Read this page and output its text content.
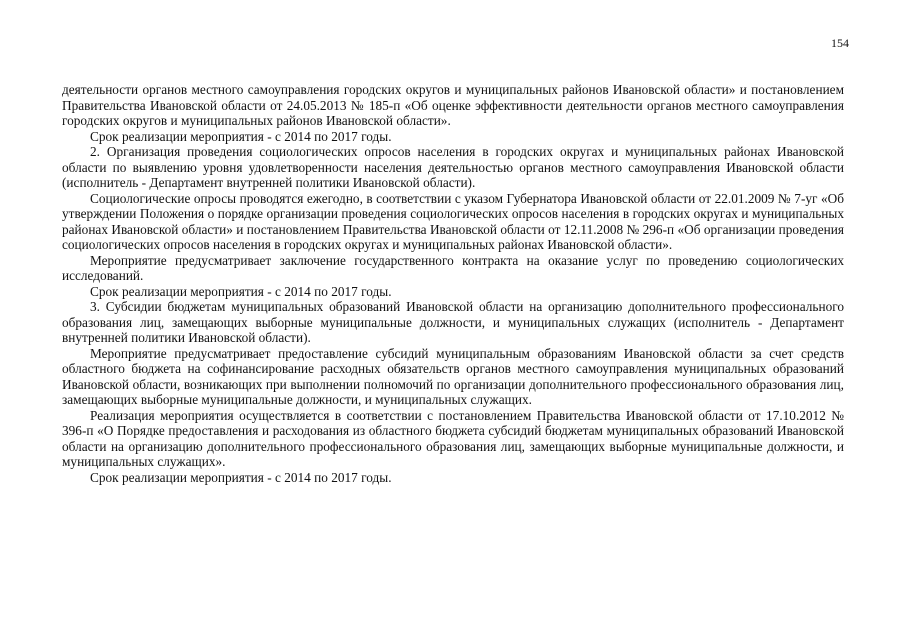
154

деятельности органов местного самоуправления городских округов и муниципальных районов Ивановской области» и постановлением Правительства Ивановской области от 24.05.2013 № 185-п «Об оценке эффективности деятельности органов местного самоуправления городских округов и муниципальных районов Ивановской области».

Срок реализации мероприятия - с 2014 по 2017 годы.

2. Организация проведения социологических опросов населения в городских округах и муниципальных районах Ивановской области по выявлению уровня удовлетворенности населения деятельностью органов местного самоуправления Ивановской области (исполнитель - Департамент внутренней политики Ивановской области).

Социологические опросы проводятся ежегодно, в соответствии с указом Губернатора Ивановской области от 22.01.2009 № 7-уг «Об утверждении Положения о порядке организации проведения социологических опросов населения в городских округах и муниципальных районах Ивановской области» и постановлением Правительства Ивановской области от 12.11.2008 № 296-п «Об организации проведения социологических опросов населения в городских округах и муниципальных районах Ивановской области».

Мероприятие предусматривает заключение государственного контракта на оказание услуг по проведению социологических исследований.

Срок реализации мероприятия - с 2014 по 2017 годы.

3. Субсидии бюджетам муниципальных образований Ивановской области на организацию дополнительного профессионального образования лиц, замещающих выборные муниципальные должности, и муниципальных служащих (исполнитель - Департамент внутренней политики Ивановской области).

Мероприятие предусматривает предоставление субсидий муниципальным образованиям Ивановской области за счет средств областного бюджета на софинансирование расходных обязательств органов местного самоуправления муниципальных образований Ивановской области, возникающих при выполнении полномочий по организации дополнительного профессионального образования лиц, замещающих выборные муниципальные должности, и муниципальных служащих.

Реализация мероприятия осуществляется в соответствии с постановлением Правительства Ивановской области от 17.10.2012 № 396-п «О Порядке предоставления и расходования из областного бюджета субсидий бюджетам муниципальных образований Ивановской области на организацию дополнительного профессионального образования лиц, замещающих выборные муниципальные должности, и муниципальных служащих».

Срок реализации мероприятия - с 2014 по 2017 годы.
